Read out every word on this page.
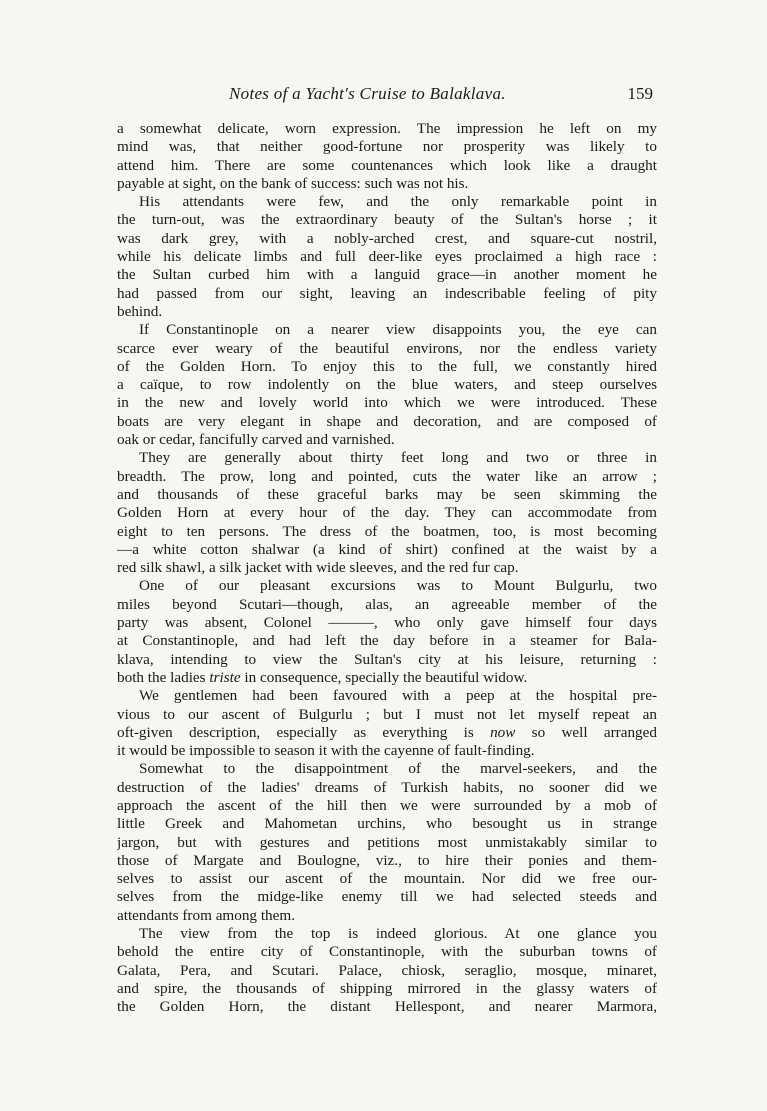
Notes of a Yacht's Cruise to Balaklava.	159
a somewhat delicate, worn expression. The impression he left on my
mind was, that neither good-fortune nor prosperity was likely to
attend him. There are some countenances which look like a draught
payable at sight, on the bank of success: such was not his.
His attendants were few, and the only remarkable point in
the turn-out, was the extraordinary beauty of the Sultan's horse ; it
was dark grey, with a nobly-arched crest, and square-cut nostril,
while his delicate limbs and full deer-like eyes proclaimed a high race :
the Sultan curbed him with a languid grace—in another moment he
had passed from our sight, leaving an indescribable feeling of pity
behind.
If Constantinople on a nearer view disappoints you, the eye can
scarce ever weary of the beautiful environs, nor the endless variety
of the Golden Horn. To enjoy this to the full, we constantly hired
a caïque, to row indolently on the blue waters, and steep ourselves
in the new and lovely world into which we were introduced. These
boats are very elegant in shape and decoration, and are composed of
oak or cedar, fancifully carved and varnished.
They are generally about thirty feet long and two or three in
breadth. The prow, long and pointed, cuts the water like an arrow ;
and thousands of these graceful barks may be seen skimming the
Golden Horn at every hour of the day. They can accommodate from
eight to ten persons. The dress of the boatmen, too, is most becoming
—a white cotton shalwar (a kind of shirt) confined at the waist by a
red silk shawl, a silk jacket with wide sleeves, and the red fur cap.
One of our pleasant excursions was to Mount Bulgurlu, two
miles beyond Scutari—though, alas, an agreeable member of the
party was absent, Colonel ———, who only gave himself four days
at Constantinople, and had left the day before in a steamer for Bala-
klava, intending to view the Sultan's city at his leisure, returning :
both the ladies triste in consequence, specially the beautiful widow.
We gentlemen had been favoured with a peep at the hospital pre-
vious to our ascent of Bulgurlu ; but I must not let myself repeat an
oft-given description, especially as everything is now so well arranged
it would be impossible to season it with the cayenne of fault-finding.
Somewhat to the disappointment of the marvel-seekers, and the
destruction of the ladies' dreams of Turkish habits, no sooner did we
approach the ascent of the hill then we were surrounded by a mob of
little Greek and Mahometan urchins, who besought us in strange
jargon, but with gestures and petitions most unmistakably similar to
those of Margate and Boulogne, viz., to hire their ponies and them-
selves to assist our ascent of the mountain. Nor did we free our-
selves from the midge-like enemy till we had selected steeds and
attendants from among them.
The view from the top is indeed glorious. At one glance you
behold the entire city of Constantinople, with the suburban towns of
Galata, Pera, and Scutari. Palace, chiosk, seraglio, mosque, minaret,
and spire, the thousands of shipping mirrored in the glassy waters of
the Golden Horn, the distant Hellespont, and nearer Marmora,
